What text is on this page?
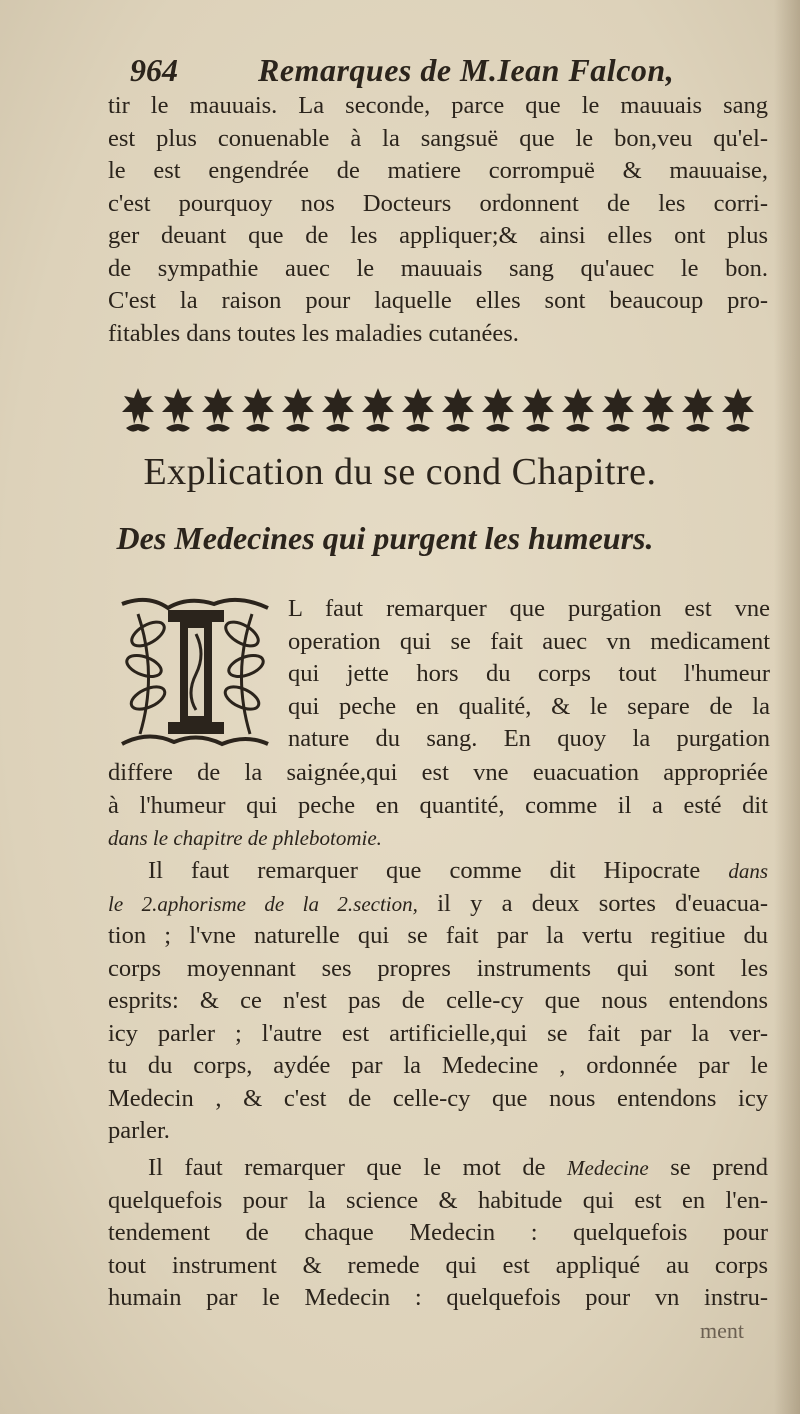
964	Remarques de M.Iean Falcon,
tir le mauuais. La seconde, parce que le mauuais sang
est plus conuenable à la sangsuë que le bon,veu qu'el-
le est engendrée de matiere corrompuë & mauuaise,
c'est pourquoy nos Docteurs ordonnent de les corri-
ger deuant que de les appliquer;& ainsi elles ont plus
de sympathie auec le mauuais sang qu'auec le bon.
C'est la raison pour laquelle elles sont beaucoup pro-
fitables dans toutes les maladies cutanées.
Explication du se cond Chapitre.
Des Medecines qui purgent les humeurs.
L faut remarquer que purgation est vne
operation qui se fait auec vn medicament
qui jette hors du corps tout l'humeur
qui peche en qualité, & le separe de la
nature du sang. En quoy la purgation
differe de la saignée,qui est vne euacuation appropriée
à l'humeur qui peche en quantité, comme il a esté dit
dans le chapitre de phlebotomie.
Il faut remarquer que comme dit Hipocrate dans
le 2.aphorisme de la 2.section, il y a deux sortes d'euacua-
tion ; l'vne naturelle qui se fait par la vertu regitiue du
corps moyennant ses propres instruments qui sont les
esprits: & ce n'est pas de celle-cy que nous entendons
icy parler ; l'autre est artificielle,qui se fait par la ver-
tu du corps, aydée par la Medecine , ordonnée par le
Medecin , & c'est de celle-cy que nous entendons icy
parler.
Il faut remarquer que le mot de Medecine se prend
quelquefois pour la science & habitude qui est en l'en-
tendement de chaque Medecin : quelquefois pour
tout instrument & remede qui est appliqué au corps
humain par le Medecin : quelquefois pour vn instru-
ment
